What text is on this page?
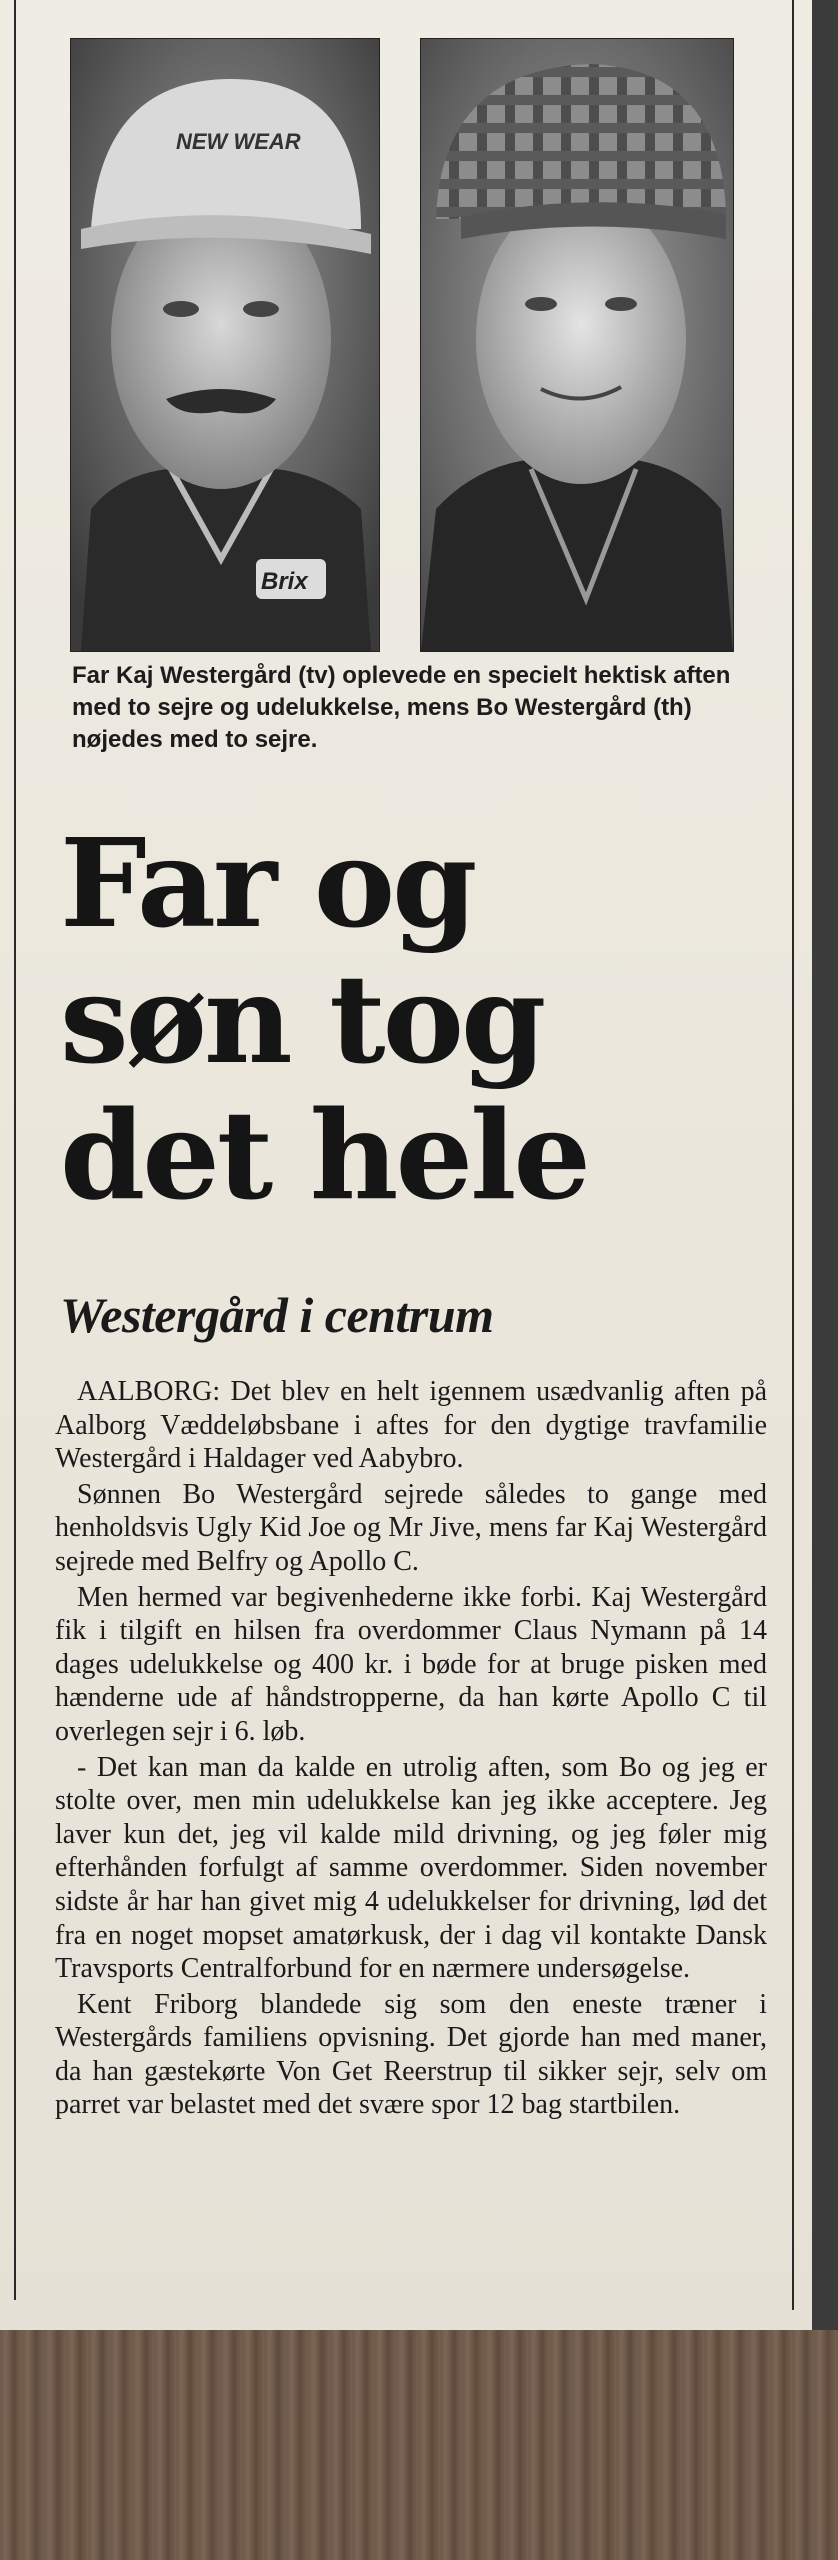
NEW WEAR
Brix
Far Kaj Westergård (tv) oplevede en specielt hektisk aften med to sejre og udelukkelse, mens Bo Westergård (th) nøjedes med to sejre.
Far og
søn tog
det hele
Westergård i centrum

AALBORG: Det blev en helt igennem usædvanlig aften på Aalborg Væddeløbsbane i aftes for den dygtige travfamilie Westergård i Haldager ved Aabybro.

Sønnen Bo Westergård sejrede således to gange med henholdsvis Ugly Kid Joe og Mr Jive, mens far Kaj Westergård sejrede med Belfry og Apollo C.

Men hermed var begivenhederne ikke forbi. Kaj Westergård fik i tilgift en hilsen fra overdommer Claus Nymann på 14 dages udelukkelse og 400 kr. i bøde for at bruge pisken med hænderne ude af håndstropperne, da han kørte Apollo C til overlegen sejr i 6. løb.

- Det kan man da kalde en utrolig aften, som Bo og jeg er stolte over, men min udelukkelse kan jeg ikke acceptere. Jeg laver kun det, jeg vil kalde mild drivning, og jeg føler mig efterhånden forfulgt af samme overdommer. Siden november sidste år har han givet mig 4 udelukkelser for drivning, lød det fra en noget mopset amatørkusk, der i dag vil kontakte Dansk Travsports Centralforbund for en nærmere undersøgelse.

Kent Friborg blandede sig som den eneste træner i Westergårds familiens opvisning. Det gjorde han med maner, da han gæstekørte Von Get Reerstrup til sikker sejr, selv om parret var belastet med det svære spor 12 bag startbilen.
